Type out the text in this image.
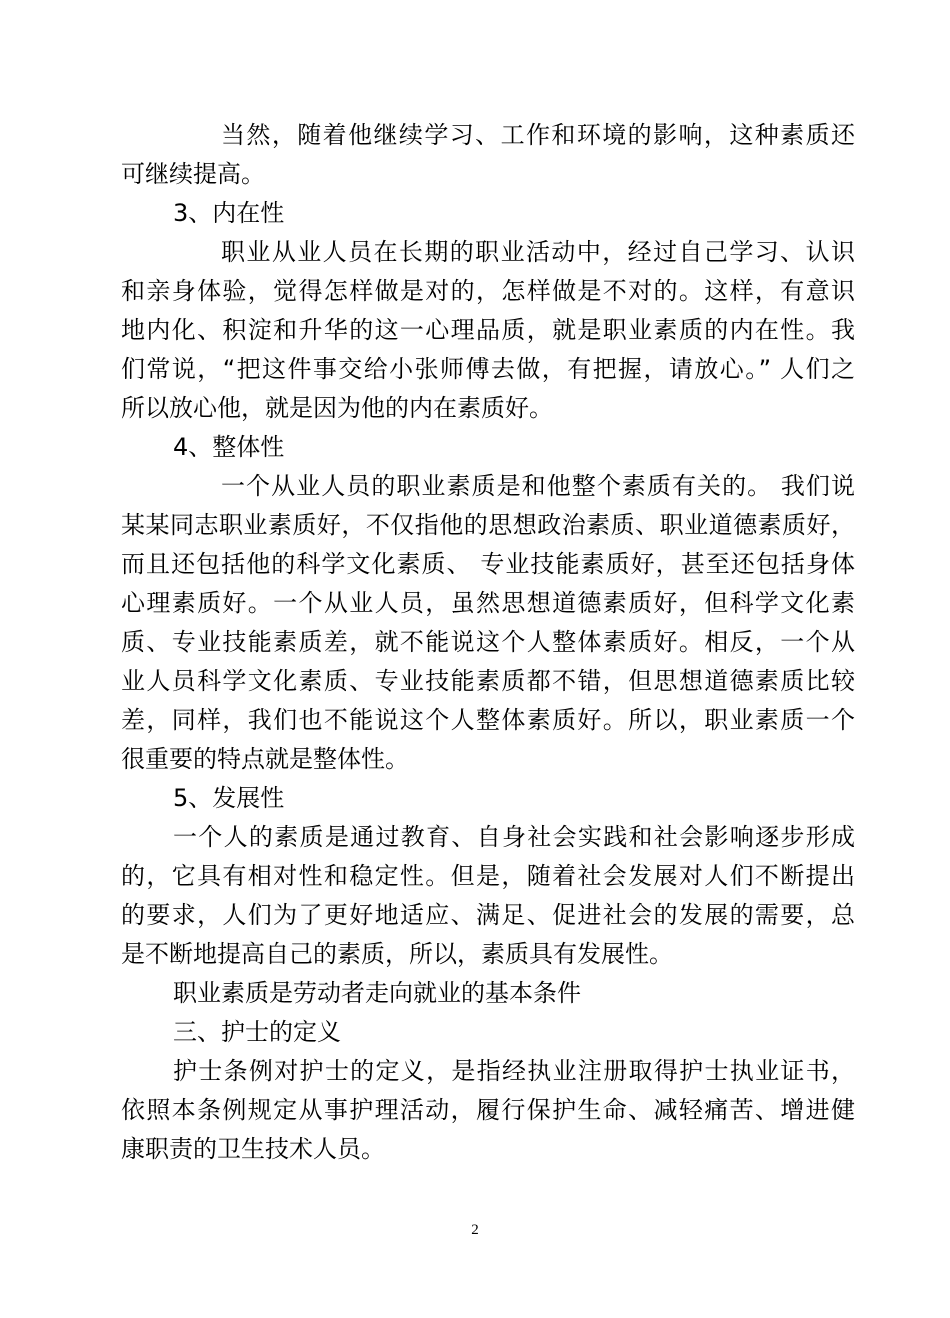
当然，随着他继续学习、工作和环境的影响，这种素质还
可继续提高。
3、内在性
职业从业人员在长期的职业活动中，经过自己学习、认识
和亲身体验，觉得怎样做是对的，怎样做是不对的。这样，有意识
地内化、积淀和升华的这一心理品质，就是职业素质的内在性。我
们常说，“把这件事交给小张师傅去做，有把握，请放心。” 人们之
所以放心他，就是因为他的内在素质好。
4、整体性
一个从业人员的职业素质是和他整个素质有关的。 我们说
某某同志职业素质好，不仅指他的思想政治素质、职业道德素质好，
而且还包括他的科学文化素质、 专业技能素质好，甚至还包括身体
心理素质好。一个从业人员，虽然思想道德素质好，但科学文化素
质、专业技能素质差，就不能说这个人整体素质好。相反，一个从
业人员科学文化素质、专业技能素质都不错，但思想道德素质比较
差，同样，我们也不能说这个人整体素质好。所以，职业素质一个
很重要的特点就是整体性。
5、发展性
一个人的素质是通过教育、自身社会实践和社会影响逐步形成
的，它具有相对性和稳定性。但是，随着社会发展对人们不断提出
的要求，人们为了更好地适应、满足、促进社会的发展的需要，总
是不断地提高自己的素质，所以，素质具有发展性。
职业素质是劳动者走向就业的基本条件
三、护士的定义
护士条例对护士的定义，是指经执业注册取得护士执业证书，
依照本条例规定从事护理活动，履行保护生命、减轻痛苦、增进健
康职责的卫生技术人员。
2
